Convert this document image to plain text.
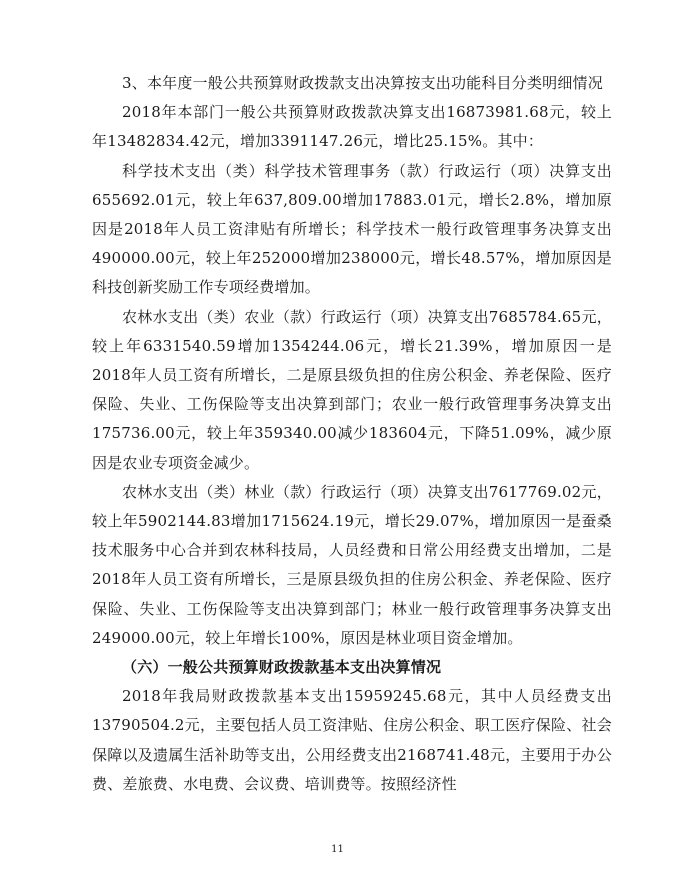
3、本年度一般公共预算财政拨款支出决算按支出功能科目分类明细情况

2018年本部门一般公共预算财政拨款决算支出16873981.68元，较上年13482834.42元，增加3391147.26元，增比25.15%。其中：

科学技术支出（类）科学技术管理事务（款）行政运行（项）决算支出655692.01元，较上年637,809.00增加17883.01元，增长2.8%，增加原因是2018年人员工资津贴有所增长；科学技术一般行政管理事务决算支出490000.00元，较上年252000增加238000元，增长48.57%，增加原因是科技创新奖励工作专项经费增加。

农林水支出（类）农业（款）行政运行（项）决算支出7685784.65元，较上年6331540.59增加1354244.06元，增长21.39%，增加原因一是2018年人员工资有所增长，二是原县级负担的住房公积金、养老保险、医疗保险、失业、工伤保险等支出决算到部门；农业一般行政管理事务决算支出175736.00元，较上年359340.00减少183604元，下降51.09%，减少原因是农业专项资金减少。

农林水支出（类）林业（款）行政运行（项）决算支出7617769.02元，较上年5902144.83增加1715624.19元，增长29.07%，增加原因一是蚕桑技术服务中心合并到农林科技局，人员经费和日常公用经费支出增加，二是2018年人员工资有所增长，三是原县级负担的住房公积金、养老保险、医疗保险、失业、工伤保险等支出决算到部门；林业一般行政管理事务决算支出249000.00元，较上年增长100%，原因是林业项目资金增加。

（六）一般公共预算财政拨款基本支出决算情况

2018年我局财政拨款基本支出15959245.68元，其中人员经费支出13790504.2元，主要包括人员工资津贴、住房公积金、职工医疗保险、社会保障以及遗属生活补助等支出，公用经费支出2168741.48元，主要用于办公费、差旅费、水电费、会议费、培训费等。按照经济性

11
